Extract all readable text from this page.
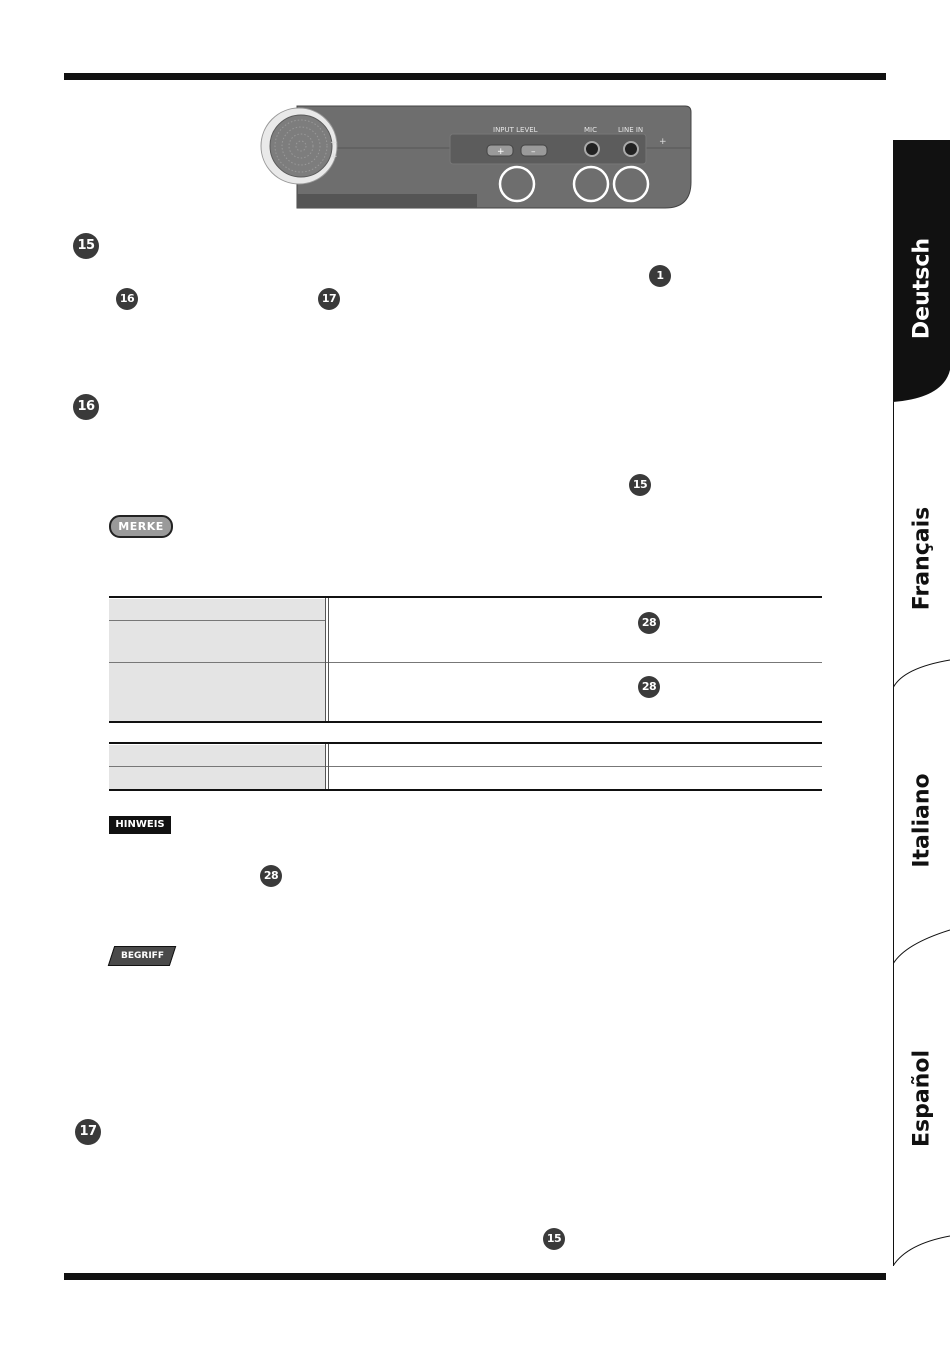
+
+
+
INPUT LEVEL	MIC	LINE IN
+	–
15
1
16	17
16
15
MERKE
28
28
HINWEIS
28
BEGRIFF
17
15
Deutsch
Français
Italiano
Español
